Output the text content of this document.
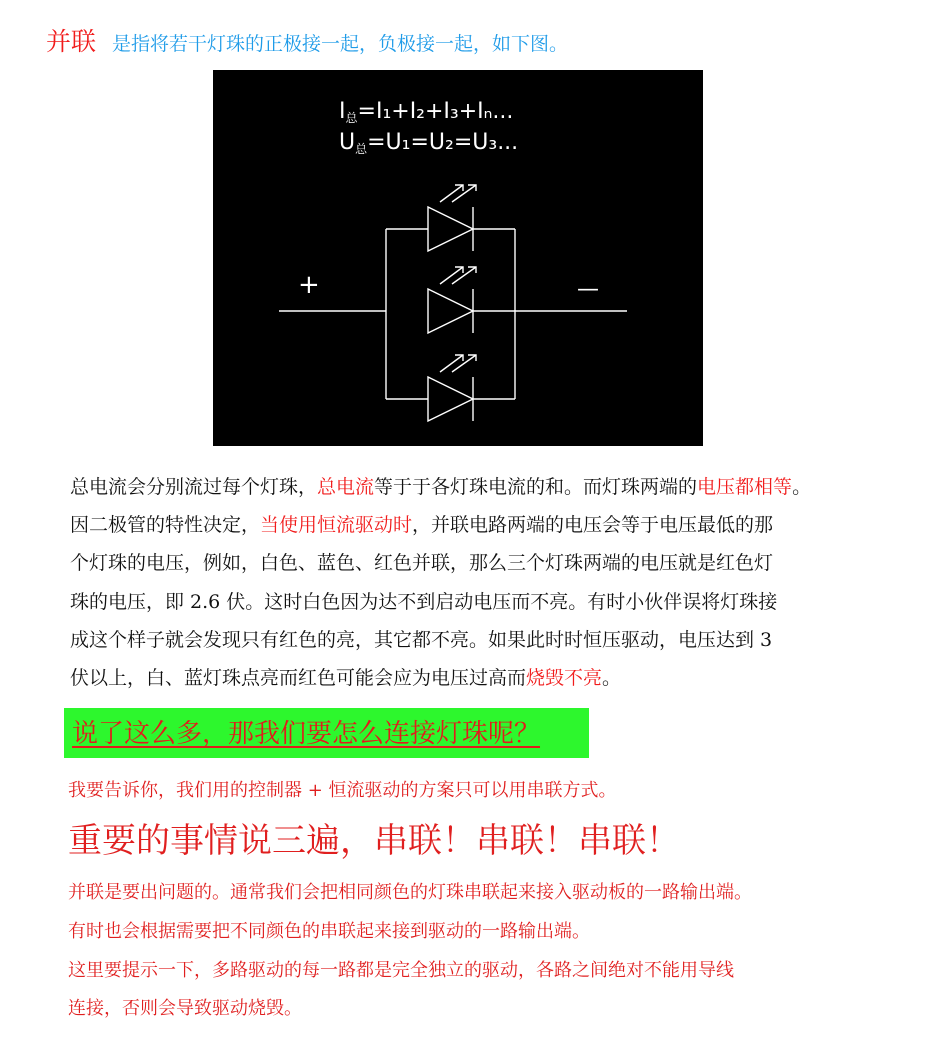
并联 是指将若干灯珠的正极接一起，负极接一起，如下图。
I总=I₁+I₂+I₃+Iₙ...
U总=U₁=U₂=U₃...
+	—

总电流会分别流过每个灯珠，总电流等于于各灯珠电流的和。而灯珠两端的电压都相等。

因二极管的特性决定，当使用恒流驱动时，并联电路两端的电压会等于电压最低的那

个灯珠的电压，例如，白色、蓝色、红色并联，那么三个灯珠两端的电压就是红色灯

珠的电压，即 2.6 伏。这时白色因为达不到启动电压而不亮。有时小伙伴误将灯珠接

成这个样子就会发现只有红色的亮，其它都不亮。如果此时时恒压驱动，电压达到 3

伏以上，白、蓝灯珠点亮而红色可能会应为电压过高而烧毁不亮。

说了这么多，那我们要怎么连接灯珠呢？
我要告诉你，我们用的控制器 + 恒流驱动的方案只可以用串联方式。
重要的事情说三遍，串联！串联！串联！
并联是要出问题的。通常我们会把相同颜色的灯珠串联起来接入驱动板的一路输出端。
有时也会根据需要把不同颜色的串联起来接到驱动的一路输出端。
这里要提示一下，多路驱动的每一路都是完全独立的驱动，各路之间绝对不能用导线
连接，否则会导致驱动烧毁。
